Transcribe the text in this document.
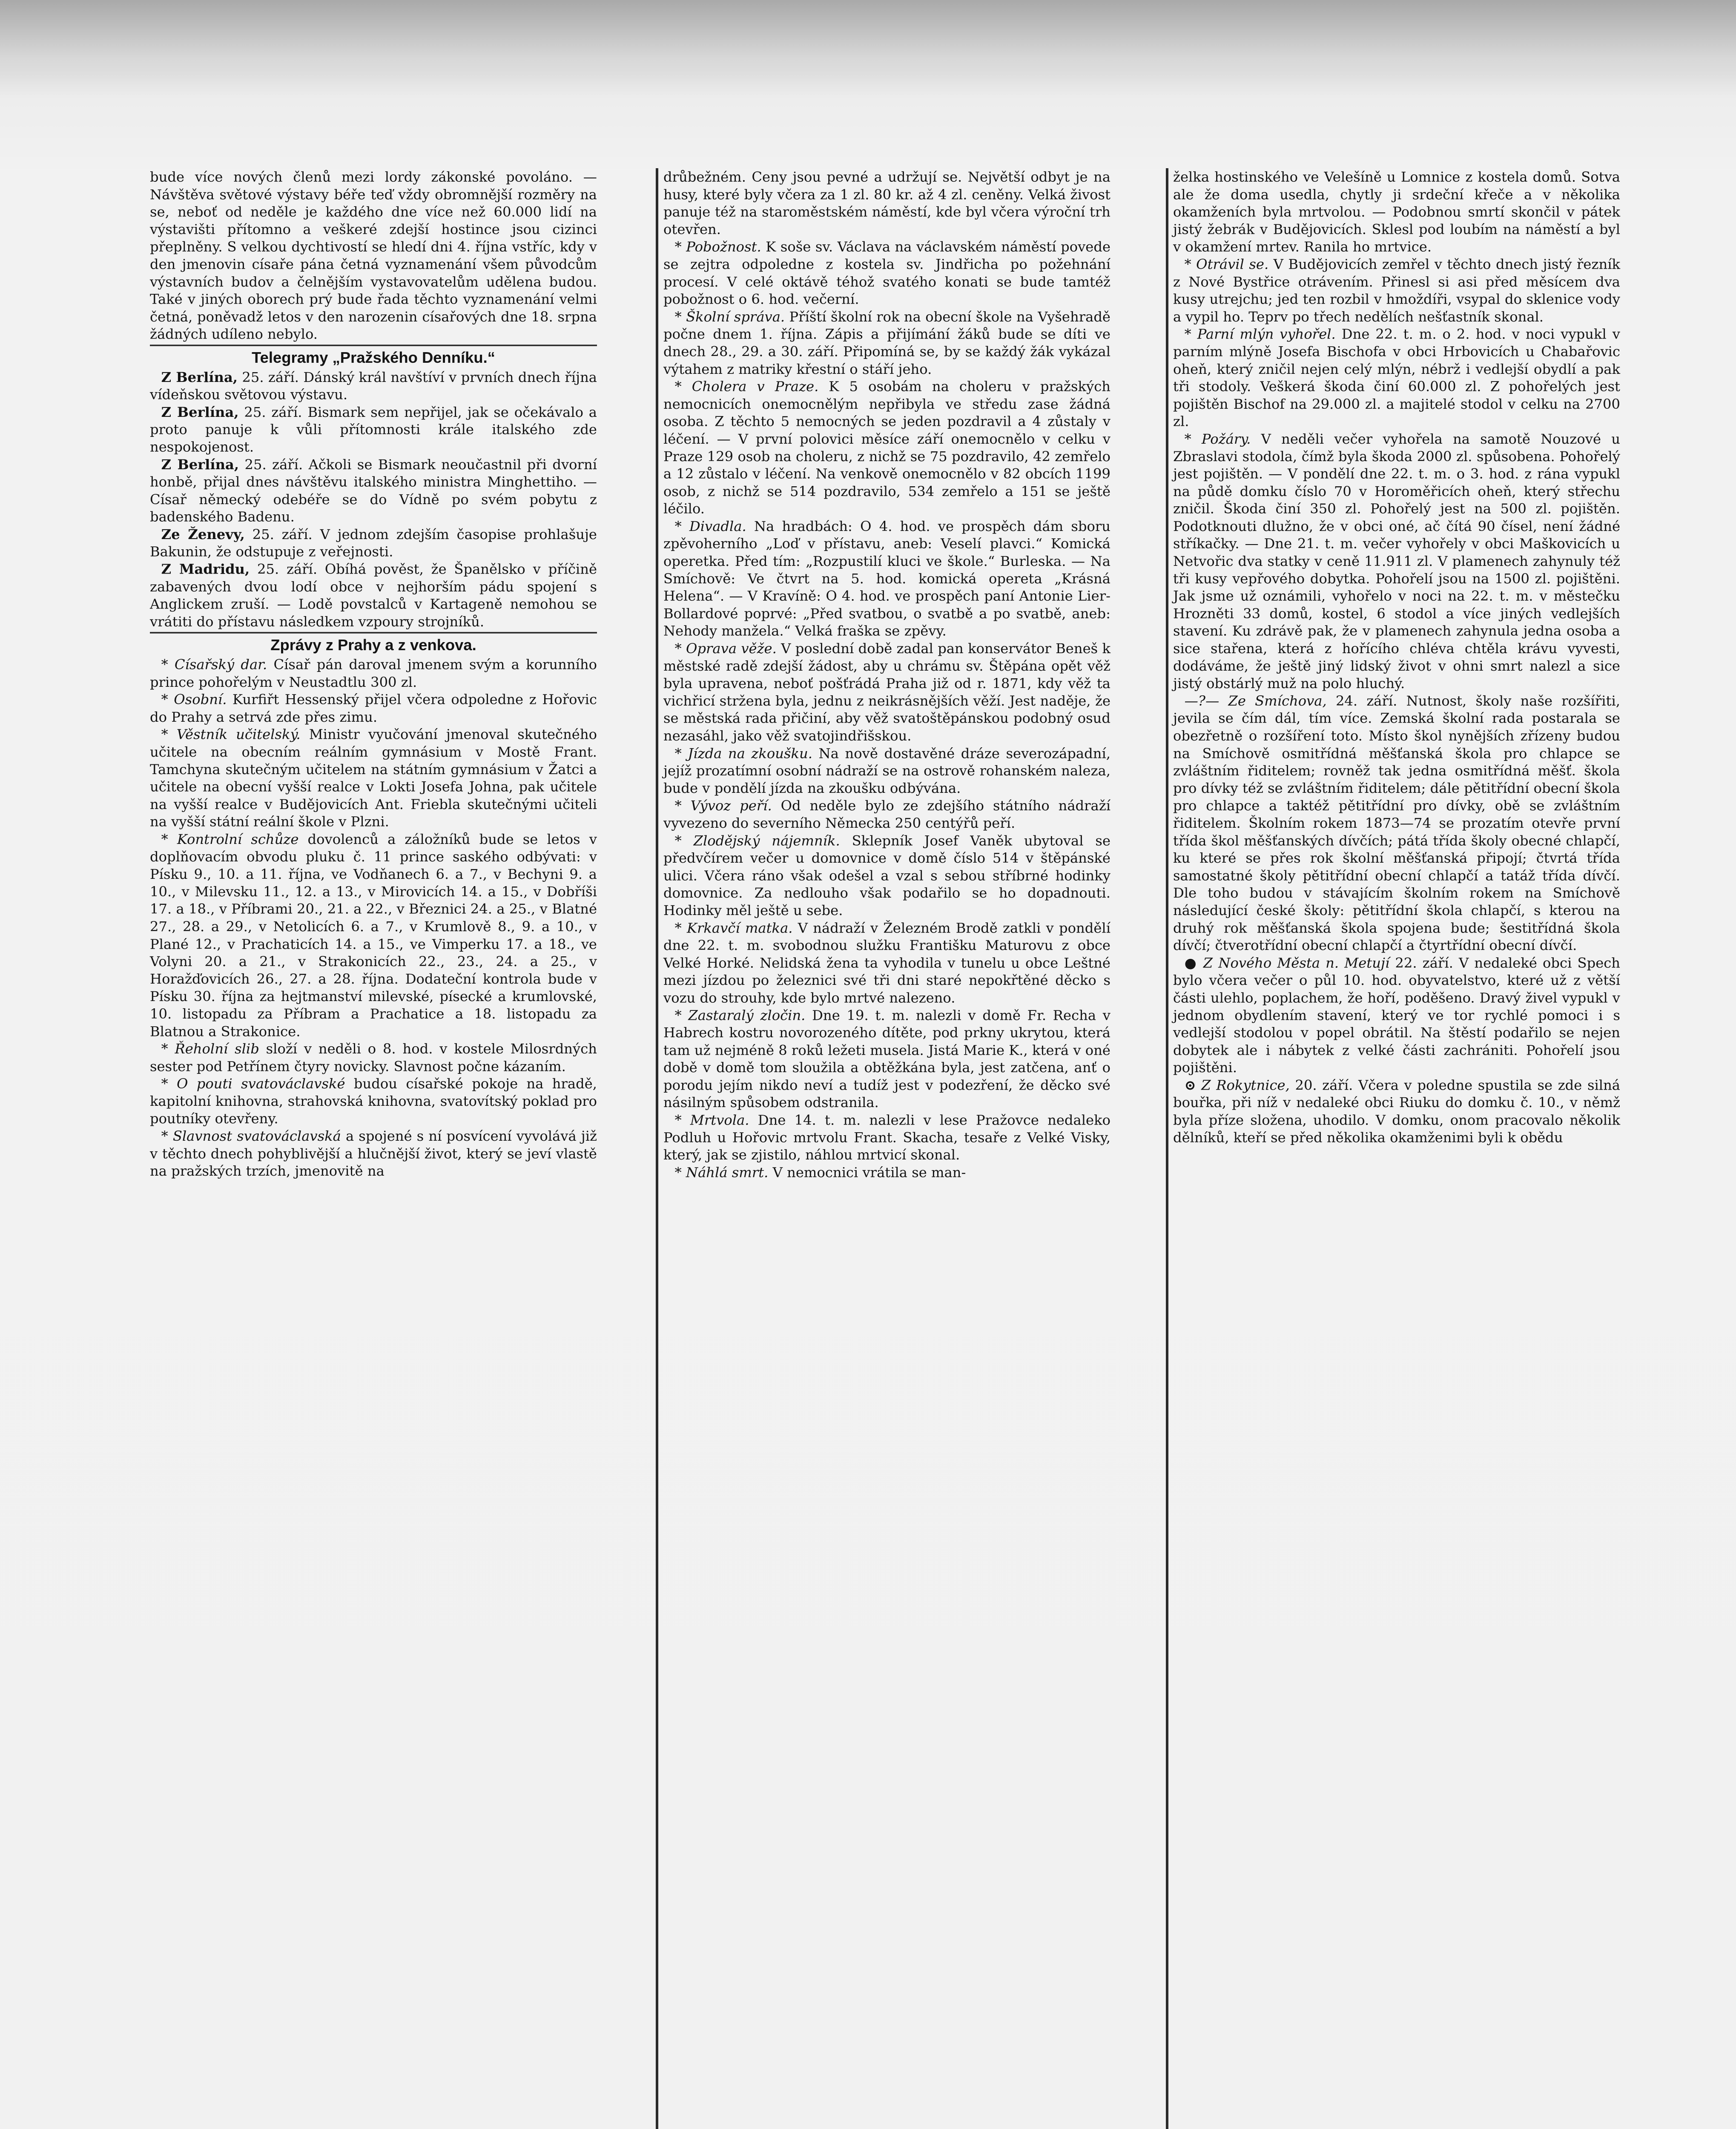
bude více nových členů mezi lordy zákonské povoláno. — Návštěva světové výstavy béře teď vždy obromnější rozměry na se, neboť od neděle je každého dne více než 60.000 lidí na výstavišti přítomno a veškeré zdejší hostince jsou cizinci přeplněny. S velkou dychtivostí se hledí dni 4. října vstříc, kdy v den jmenovin císaře pána četná vyznamenání všem původcům výstavních budov a čelnějším vystavovatelům udělena budou. Také v jiných oborech prý bude řada těchto vyznamenání velmi četná, poněvadž letos v den narozenin císařových dne 18. srpna žádných udíleno nebylo.

Telegramy „Pražského Denníku.“

Z Berlína, 25. září. Dánský král navštíví v prvních dnech října vídeňskou světovou výstavu.

Z Berlína, 25. září. Bismark sem nepřijel, jak se očekávalo a proto panuje k vůli přítomnosti krále italského zde nespokojenost.

Z Berlína, 25. září. Ačkoli se Bismark neoučastnil při dvorní honbě, přijal dnes návštěvu italského ministra Minghettiho. — Císař německý odebéře se do Vídně po svém pobytu z badenského Badenu.

Ze Ženevy, 25. září. V jednom zdejším časopise prohlašuje Bakunin, že odstupuje z veřejnosti.

Z Madridu, 25. září. Obíhá pověst, že Španělsko v příčině zabavených dvou lodí obce v nejhorším pádu spojení s Anglickem zruší. — Lodě povstalců v Kartageně nemohou se vrátiti do přístavu následkem vzpoury strojníků.

Zprávy z Prahy a z venkova.

* Císařský dar. Císař pán daroval jmenem svým a korunního prince pohořelým v Neustadtlu 300 zl.

* Osobní. Kurfiřt Hessenský přijel včera odpoledne z Hořovic do Prahy a setrvá zde přes zimu.

* Věstník učitelský. Ministr vyučování jmenoval skutečného učitele na obecním reálním gymnásium v Mostě Frant. Tamchyna skutečným učitelem na státním gymnásium v Žatci a učitele na obecní vyšší realce v Lokti Josefa Johna, pak učitele na vyšší realce v Budějovicích Ant. Friebla skutečnými učiteli na vyšší státní reální škole v Plzni.

* Kontrolní schůze dovolenců a záložníků bude se letos v doplňovacím obvodu pluku č. 11 prince saského odbývati: v Písku 9., 10. a 11. října, ve Vodňanech 6. a 7., v Bechyni 9. a 10., v Milevsku 11., 12. a 13., v Mirovicích 14. a 15., v Dobříši 17. a 18., v Příbrami 20., 21. a 22., v Březnici 24. a 25., v Blatné 27., 28. a 29., v Netolicích 6. a 7., v Krumlově 8., 9. a 10., v Plané 12., v Prachaticích 14. a 15., ve Vimperku 17. a 18., ve Volyni 20. a 21., v Strakonicích 22., 23., 24. a 25., v Horažďovicích 26., 27. a 28. října. Dodateční kontrola bude v Písku 30. října za hejtmanství milevské, písecké a krumlovské, 10. listopadu za Příbram a Prachatice a 18. listopadu za Blatnou a Strakonice.

* Řeholní slib složí v neděli o 8. hod. v kostele Milosrdných sester pod Petřínem čtyry novicky. Slavnost počne kázaním.

* O pouti svatováclavské budou císařské pokoje na hradě, kapitolní knihovna, strahovská knihovna, svatovítský poklad pro poutníky otevřeny.

* Slavnost svatováclavská a spojené s ní posvícení vyvolává již v těchto dnech pohyblivější a hlučnější život, který se jeví vlastě na pražských trzích, jmenovitě na

drůbežném. Ceny jsou pevné a udržují se. Největší odbyt je na husy, které byly včera za 1 zl. 80 kr. až 4 zl. ceněny. Velká živost panuje též na staroměstském náměstí, kde byl včera výroční trh otevřen.

* Pobožnost. K soše sv. Václava na václavském náměstí povede se zejtra odpoledne z kostela sv. Jindřicha po požehnání procesí. V celé oktávě téhož svatého konati se bude tamtéž pobožnost o 6. hod. večerní.

* Školní správa. Příští školní rok na obecní škole na Vyšehradě počne dnem 1. října. Zápis a přijímání žáků bude se díti ve dnech 28., 29. a 30. září. Připomíná se, by se každý žák vykázal výtahem z matriky křestní o stáří jeho.

* Cholera v Praze. K 5 osobám na choleru v pražských nemocnicích onemocnělým nepřibyla ve středu zase žádná osoba. Z těchto 5 nemocných se jeden pozdravil a 4 zůstaly v léčení. — V první polovici měsíce září onemocnělo v celku v Praze 129 osob na choleru, z nichž se 75 pozdravilo, 42 zemřelo a 12 zůstalo v léčení. Na venkově onemocnělo v 82 obcích 1199 osob, z nichž se 514 pozdravilo, 534 zemřelo a 151 se ještě léčilo.

* Divadla. Na hradbách: O 4. hod. ve prospěch dám sboru zpěvoherního „Loď v přístavu, aneb: Veselí plavci.“ Komická operetka. Před tím: „Rozpustilí kluci ve škole.“ Burleska. — Na Smíchově: Ve čtvrt na 5. hod. komická opereta „Krásná Helena“. — V Kravíně: O 4. hod. ve prospěch paní Antonie Lier-Bollardové poprvé: „Před svatbou, o svatbě a po svatbě, aneb: Nehody manžela.“ Velká fraška se zpěvy.

* Oprava věže. V poslední době zadal pan konservátor Beneš k městské radě zdejší žádost, aby u chrámu sv. Štěpána opět věž byla upravena, neboť pošťrádá Praha již od r. 1871, kdy věž ta vichřicí stržena byla, jednu z neikrásnějších věží. Jest naděje, že se městská rada přičiní, aby věž svatoštěpánskou podobný osud nezasáhl, jako věž svatojindřišskou.

* Jízda na zkoušku. Na nově dostavěné dráze severozápadní, jejíž prozatímní osobní nádraží se na ostrově rohanském naleza, bude v pondělí jízda na zkoušku odbývána.

* Vývoz peří. Od neděle bylo ze zdejšího státního nádraží vyvezeno do severního Německa 250 centýřů peří.

* Zlodějský nájemník. Sklepník Josef Vaněk ubytoval se předvčírem večer u domovnice v domě číslo 514 v štěpánské ulici. Včera ráno však odešel a vzal s sebou stříbrné hodinky domovnice. Za nedlouho však podařilo se ho dopadnouti. Hodinky měl ještě u sebe.

* Krkavčí matka. V nádraží v Železném Brodě zatkli v pondělí dne 22. t. m. svobodnou služku Františku Maturovu z obce Velké Horké. Nelidská žena ta vyhodila v tunelu u obce Leštné mezi jízdou po železnici své tři dni staré nepokřtěné děcko s vozu do strouhy, kde bylo mrtvé nalezeno.

* Zastaralý zločin. Dne 19. t. m. nalezli v domě Fr. Recha v Habrech kostru novorozeného dítěte, pod prkny ukrytou, která tam už nejméně 8 roků ležeti musela. Jistá Marie K., která v oné době v domě tom sloužila a obtěžkána byla, jest zatčena, anť o porodu jejím nikdo neví a tudíž jest v podezření, že děcko své násilným spůsobem odstranila.

* Mrtvola. Dne 14. t. m. nalezli v lese Pražovce nedaleko Podluh u Hořovic mrtvolu Frant. Skacha, tesaře z Velké Visky, který, jak se zjistilo, náhlou mrtvicí skonal.

* Náhlá smrt. V nemocnici vrátila se man-

želka hostinského ve Velešíně u Lomnice z kostela domů. Sotva ale že doma usedla, chytly ji srdeční křeče a v několika okamženích byla mrtvolou. — Podobnou smrtí skončil v pátek jistý žebrák v Budějovicích. Sklesl pod loubím na náměstí a byl v okamžení mrtev. Ranila ho mrtvice.

* Otrávil se. V Budějovicích zemřel v těchto dnech jistý řezník z Nové Bystřice otrávením. Přinesl si asi před měsícem dva kusy utrejchu; jed ten rozbil v hmoždíři, vsypal do sklenice vody a vypil ho. Teprv po třech nedělích nešťastník skonal.

* Parní mlýn vyhořel. Dne 22. t. m. o 2. hod. v noci vypukl v parním mlýně Josefa Bischofa v obci Hrbovicích u Chabařovic oheň, který zničil nejen celý mlýn, nébrž i vedlejší obydlí a pak tři stodoly. Veškerá škoda činí 60.000 zl. Z pohořelých jest pojištěn Bischof na 29.000 zl. a majitelé stodol v celku na 2700 zl.

* Požáry. V neděli večer vyhořela na samotě Nouzové u Zbraslavi stodola, čímž byla škoda 2000 zl. spůsobena. Pohořelý jest pojištěn. — V pondělí dne 22. t. m. o 3. hod. z rána vypukl na půdě domku číslo 70 v Horoměřicích oheň, který střechu zničil. Škoda činí 350 zl. Pohořelý jest na 500 zl. pojištěn. Podotknouti dlužno, že v obci oné, ač čítá 90 čísel, není žádné stříkačky. — Dne 21. t. m. večer vyhořely v obci Maškovicích u Netvořic dva statky v ceně 11.911 zl. V plamenech zahynuly též tři kusy vepřového dobytka. Pohořelí jsou na 1500 zl. pojištěni. Jak jsme už oznámili, vyhořelo v noci na 22. t. m. v městečku Hrozněti 33 domů, kostel, 6 stodol a více jiných vedlejších stavení. Ku zdrávě pak, že v plamenech zahynula jedna osoba a sice stařena, která z hořícího chléva chtěla krávu vyvesti, dodáváme, že ještě jiný lidský život v ohni smrt nalezl a sice jistý obstárlý muž na polo hluchý.

—?— Ze Smíchova, 24. září. Nutnost, školy naše rozšířiti, jevila se čím dál, tím více. Zemská školní rada postarala se obezřetně o rozšíření toto. Místo škol nynějších zřízeny budou na Smíchově osmitřídná měšťanská škola pro chlapce se zvláštním řiditelem; rovněž tak jedna osmitřídná měšť. škola pro dívky též se zvláštním řiditelem; dále pětitřídní obecní škola pro chlapce a taktéž pětitřídní pro dívky, obě se zvláštním řiditelem. Školním rokem 1873—74 se prozatím otevře první třída škol měšťanských dívčích; pátá třída školy obecné chlapčí, ku které se přes rok školní měšťanská připojí; čtvrtá třída samostatné školy pětitřídní obecní chlapčí a tatáž třída dívčí. Dle toho budou v stávajícím školním rokem na Smíchově následující české školy: pětitřídní škola chlapčí, s kterou na druhý rok měšťanská škola spojena bude; šestitřídná škola dívčí; čtverotřídní obecní chlapčí a čtyrtřídní obecní dívčí.

● Z Nového Města n. Metují 22. září. V nedaleké obci Spech bylo včera večer o půl 10. hod. obyvatelstvo, které už z větší části ulehlo, poplachem, že hoří, poděšeno. Dravý živel vypukl v jednom obydlením stavení, který ve tor rychlé pomoci i s vedlejší stodolou v popel obrátil. Na štěstí podařilo se nejen dobytek ale i nábytek z velké části zachrániti. Pohořelí jsou pojištěni.

⊙ Z Rokytnice, 20. září. Včera v poledne spustila se zde silná bouřka, při níž v nedaleké obci Riuku do domku č. 10., v němž byla příze složena, uhodilo. V domku, onom pracovalo několik dělníků, kteří se před několika okamženimi byli k obědu
